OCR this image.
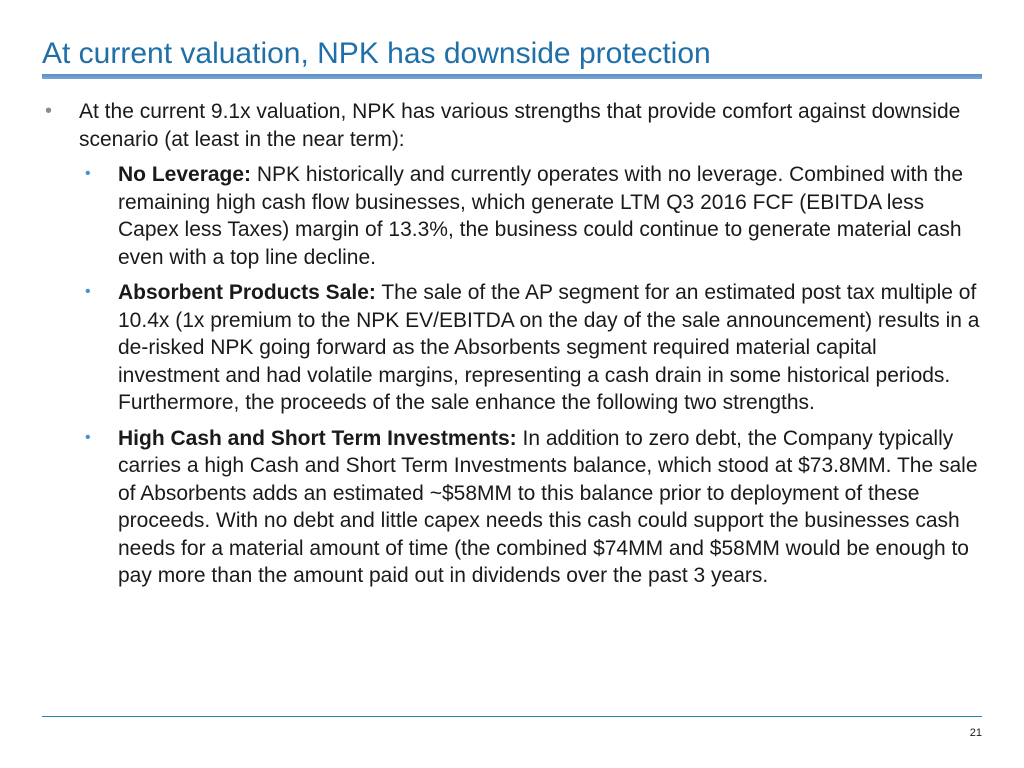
At current valuation, NPK has downside protection
• At the current 9.1x valuation, NPK has various strengths that provide comfort against downside scenario (at least in the near term):
• No Leverage: NPK historically and currently operates with no leverage. Combined with the remaining high cash flow businesses, which generate LTM Q3 2016 FCF (EBITDA less Capex less Taxes) margin of 13.3%, the business could continue to generate material cash even with a top line decline.
• Absorbent Products Sale: The sale of the AP segment for an estimated post tax multiple of 10.4x (1x premium to the NPK EV/EBITDA on the day of the sale announcement) results in a de-risked NPK going forward as the Absorbents segment required material capital investment and had volatile margins, representing a cash drain in some historical periods. Furthermore, the proceeds of the sale enhance the following two strengths.
• High Cash and Short Term Investments: In addition to zero debt, the Company typically carries a high Cash and Short Term Investments balance, which stood at $73.8MM. The sale of Absorbents adds an estimated ~$58MM to this balance prior to deployment of these proceeds. With no debt and little capex needs this cash could support the businesses cash needs for a material amount of time (the combined $74MM and $58MM would be enough to pay more than the amount paid out in dividends over the past 3 years.
21
